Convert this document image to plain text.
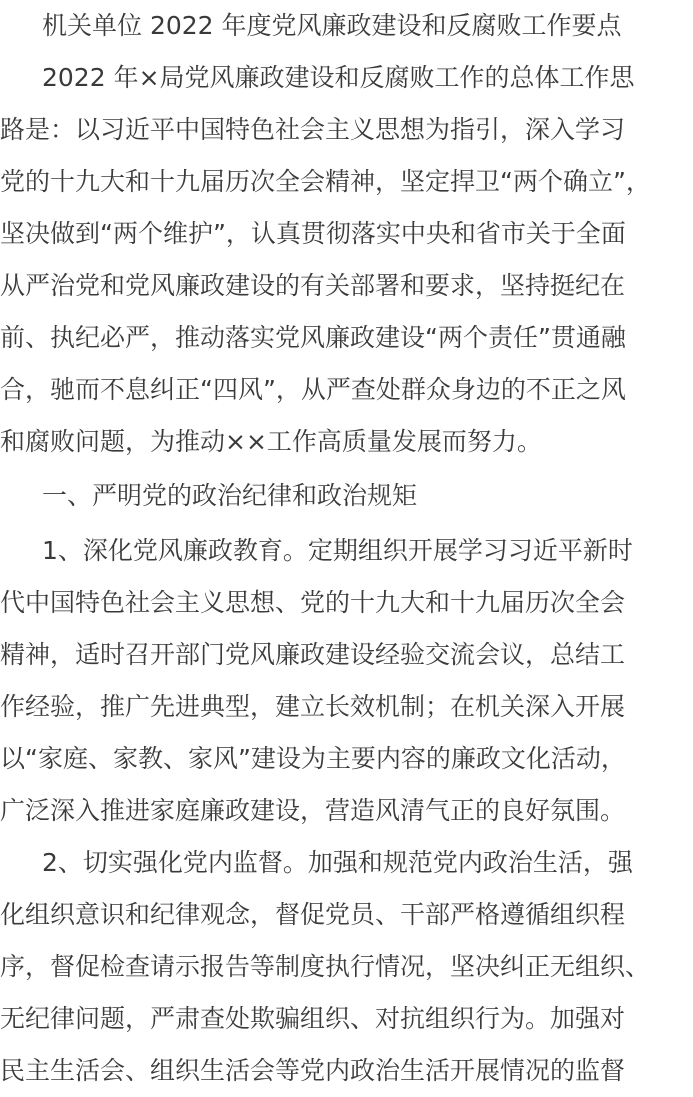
机关单位 2022 年度党风廉政建设和反腐败工作要点
2022 年×局党风廉政建设和反腐败工作的总体工作思
路是：以习近平中国特色社会主义思想为指引，深入学习
党的十九大和十九届历次全会精神，坚定捍卫“两个确立”，
坚决做到“两个维护”，认真贯彻落实中央和省市关于全面
从严治党和党风廉政建设的有关部署和要求，坚持挺纪在
前、执纪必严，推动落实党风廉政建设“两个责任”贯通融
合，驰而不息纠正“四风”，从严查处群众身边的不正之风
和腐败问题，为推动××工作高质量发展而努力。
一、严明党的政治纪律和政治规矩
1、深化党风廉政教育。定期组织开展学习习近平新时
代中国特色社会主义思想、党的十九大和十九届历次全会
精神，适时召开部门党风廉政建设经验交流会议，总结工
作经验，推广先进典型，建立长效机制；在机关深入开展
以“家庭、家教、家风”建设为主要内容的廉政文化活动，
广泛深入推进家庭廉政建设，营造风清气正的良好氛围。
2、切实强化党内监督。加强和规范党内政治生活，强
化组织意识和纪律观念，督促党员、干部严格遵循组织程
序，督促检查请示报告等制度执行情况，坚决纠正无组织、
无纪律问题，严肃查处欺骗组织、对抗组织行为。加强对
民主生活会、组织生活会等党内政治生活开展情况的监督
